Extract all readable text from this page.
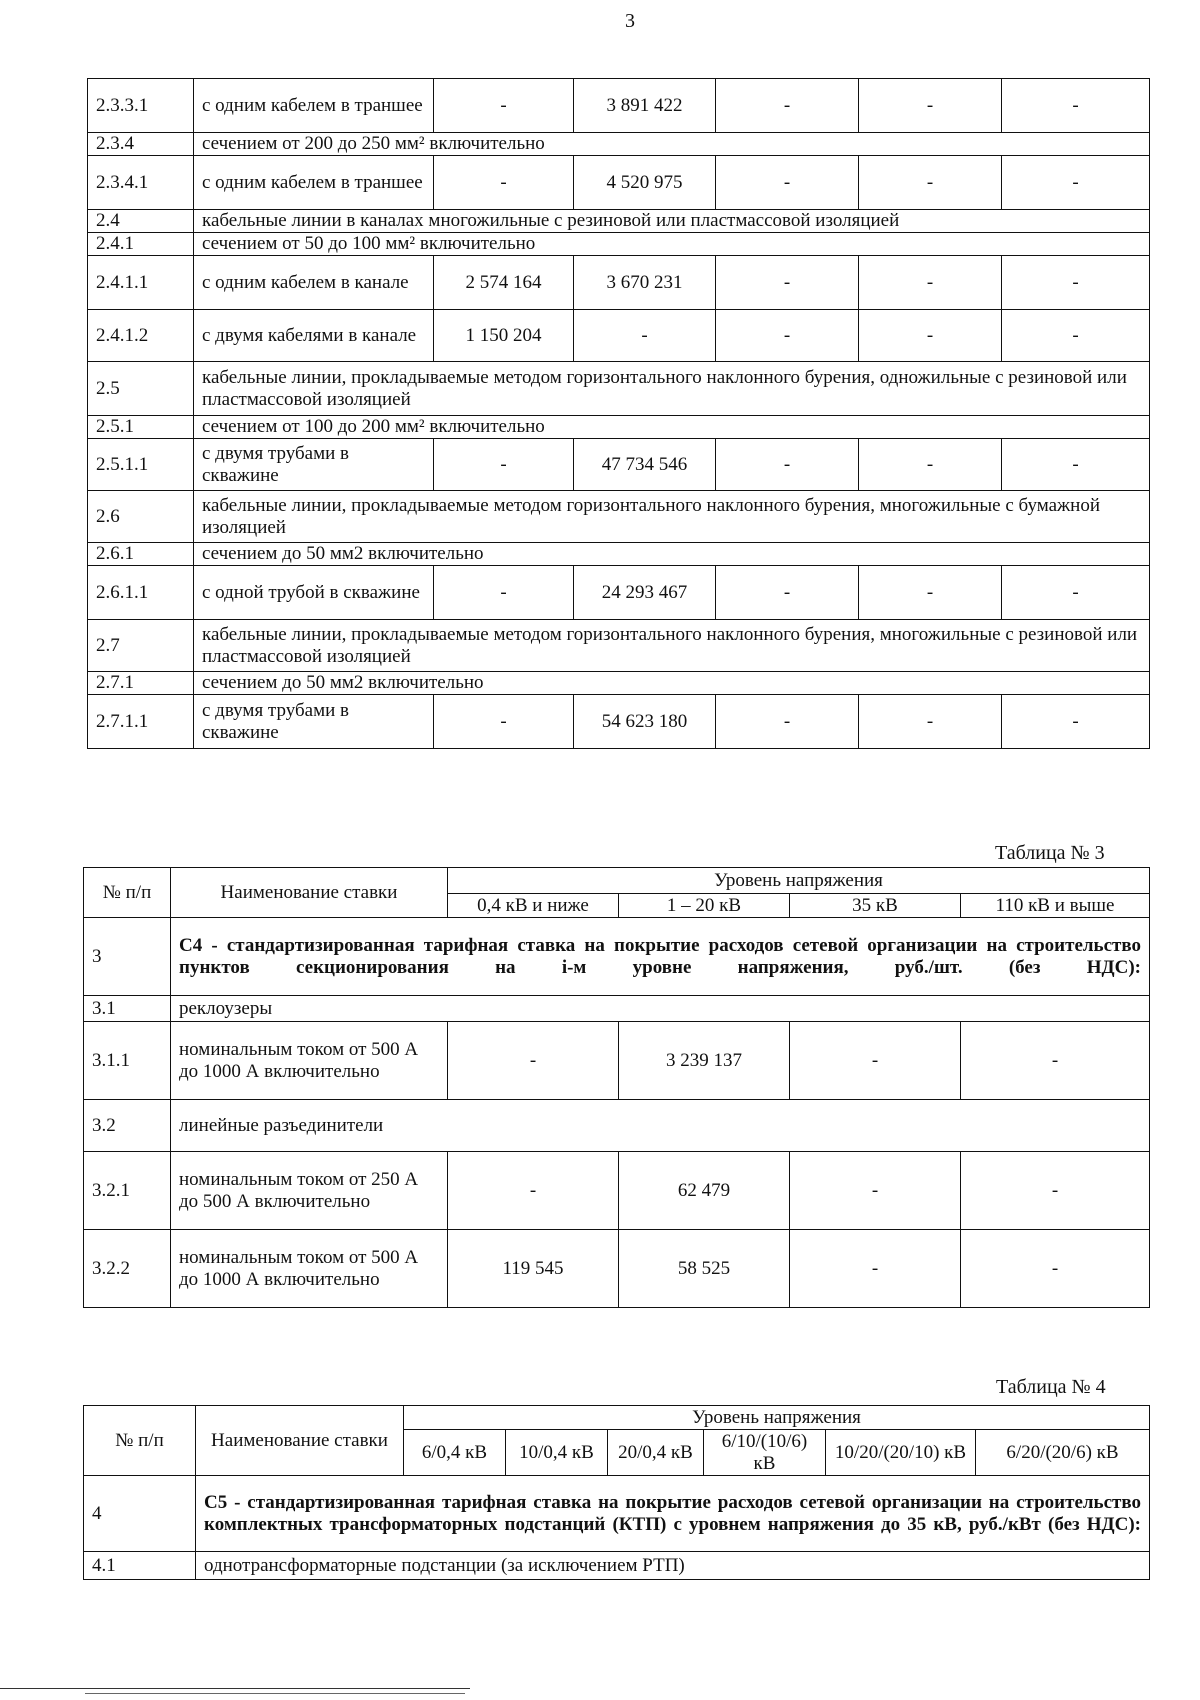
3
2.3.3.1	с одним кабелем в траншее	-	3 891 422	-	-	-
2.3.4	сечением от 200 до 250 мм² включительно					
2.3.4.1	с одним кабелем в траншее	-	4 520 975	-	-	-
2.4	кабельные линии в каналах многожильные с резиновой или пластмассовой изоляцией					
2.4.1	сечением от 50 до 100 мм² включительно					
2.4.1.1	с одним кабелем в канале	2 574 164	3 670 231	-	-	-
2.4.1.2	с двумя кабелями в канале	1 150 204	-	-	-	-
2.5	кабельные линии, прокладываемые методом горизонтального наклонного бурения, одножильные с резиновой или пластмассовой изоляцией					
2.5.1	сечением от 100 до 200 мм² включительно					
2.5.1.1	с двумя трубами в скважине	-	47 734 546	-	-	-
2.6	кабельные линии, прокладываемые методом горизонтального наклонного бурения, многожильные с бумажной изоляцией					
2.6.1	сечением до 50 мм2 включительно					
2.6.1.1	с одной трубой в скважине	-	24 293 467	-	-	-
2.7	кабельные линии, прокладываемые методом горизонтального наклонного бурения, многожильные с резиновой или пластмассовой изоляцией					
2.7.1	сечением до 50 мм2 включительно					
2.7.1.1	с двумя трубами в скважине	-	54 623 180	-	-	-
Таблица № 3
№ п/п	Наименование ставки	Уровень напряжения			
		0,4 кВ и ниже	1 – 20 кВ	35 кВ	110 кВ и выше
3	С4 - стандартизированная тарифная ставка на покрытие расходов сетевой организации на строительство пунктов секционирования на i-м уровне напряжения, руб./шт. (без НДС):				
3.1	реклоузеры				
3.1.1	номинальным током от 500 А до 1000 А включительно	-	3 239 137	-	-
3.2	линейные разъединители				
3.2.1	номинальным током от 250 А до 500 А включительно	-	62 479	-	-
3.2.2	номинальным током от 500 А до 1000 А включительно	119 545	58 525	-	-
Таблица № 4
№ п/п	Наименование ставки	Уровень напряжения					
		6/0,4 кВ	10/0,4 кВ	20/0,4 кВ	6/10/(10/6) кВ	10/20/(20/10) кВ	6/20/(20/6) кВ
4	С5 - стандартизированная тарифная ставка на покрытие расходов сетевой организации на строительство комплектных трансформаторных подстанций (КТП) с уровнем напряжения до 35 кВ, руб./кВт (без НДС):						
4.1	однотрансформаторные подстанции (за исключением РТП)						
